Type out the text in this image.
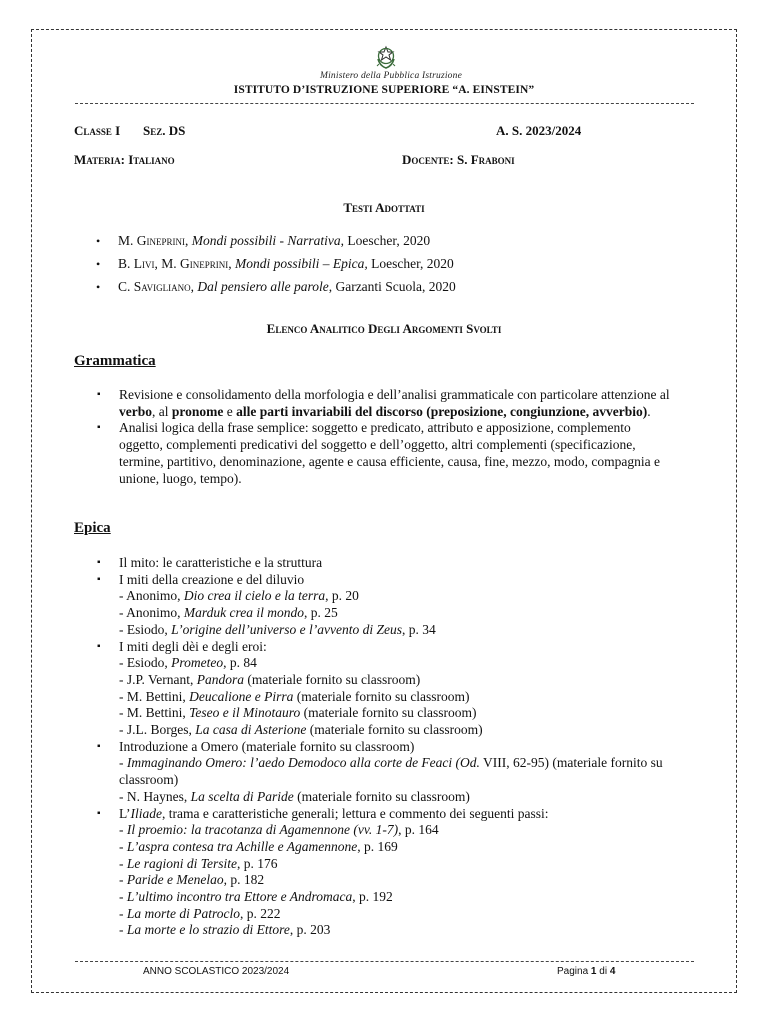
Ministero della Pubblica Istruzione
ISTITUTO D’ISTRUZIONE SUPERIORE “A. EINSTEIN”
Classe I Sez. DS	A. S. 2023/2024
Materia: Italiano	Docente: S. Fraboni
Testi Adottati
• M. Gineprini, Mondi possibili - Narrativa, Loescher, 2020
• B. Livi, M. Gineprini, Mondi possibili – Epica, Loescher, 2020
• C. Savigliano, Dal pensiero alle parole, Garzanti Scuola, 2020
Elenco Analitico Degli Argomenti Svolti
Grammatica
▪ Revisione e consolidamento della morfologia e dell’analisi grammaticale con particolare attenzione al verbo, al pronome e alle parti invariabili del discorso (preposizione, congiunzione, avverbio).
▪ Analisi logica della frase semplice: soggetto e predicato, attributo e apposizione, complemento oggetto, complementi predicativi del soggetto e dell’oggetto, altri complementi (specificazione, termine, partitivo, denominazione, agente e causa efficiente, causa, fine, mezzo, modo, compagnia e unione, luogo, tempo).
Epica
▪ Il mito: le caratteristiche e la struttura
▪ I miti della creazione e del diluvio
- Anonimo, Dio crea il cielo e la terra, p. 20
- Anonimo, Marduk crea il mondo, p. 25
- Esiodo, L’origine dell’universo e l’avvento di Zeus, p. 34
▪ I miti degli dèi e degli eroi:
- Esiodo, Prometeo, p. 84
- J.P. Vernant, Pandora (materiale fornito su classroom)
- M. Bettini, Deucalione e Pirra (materiale fornito su classroom)
- M. Bettini, Teseo e il Minotauro (materiale fornito su classroom)
- J.L. Borges, La casa di Asterione (materiale fornito su classroom)
▪ Introduzione a Omero (materiale fornito su classroom)
- Immaginando Omero: l’aedo Demodoco alla corte de Feaci (Od. VIII, 62-95) (materiale fornito su classroom)
- N. Haynes, La scelta di Paride (materiale fornito su classroom)
▪ L’Iliade, trama e caratteristiche generali; lettura e commento dei seguenti passi:
- Il proemio: la tracotanza di Agamennone (vv. 1-7), p. 164
- L’aspra contesa tra Achille e Agamennone, p. 169
- Le ragioni di Tersite, p. 176
- Paride e Menelao, p. 182
- L’ultimo incontro tra Ettore e Andromaca, p. 192
- La morte di Patroclo, p. 222
- La morte e lo strazio di Ettore, p. 203
ANNO SCOLASTICO 2023/2024	Pagina 1 di 4
